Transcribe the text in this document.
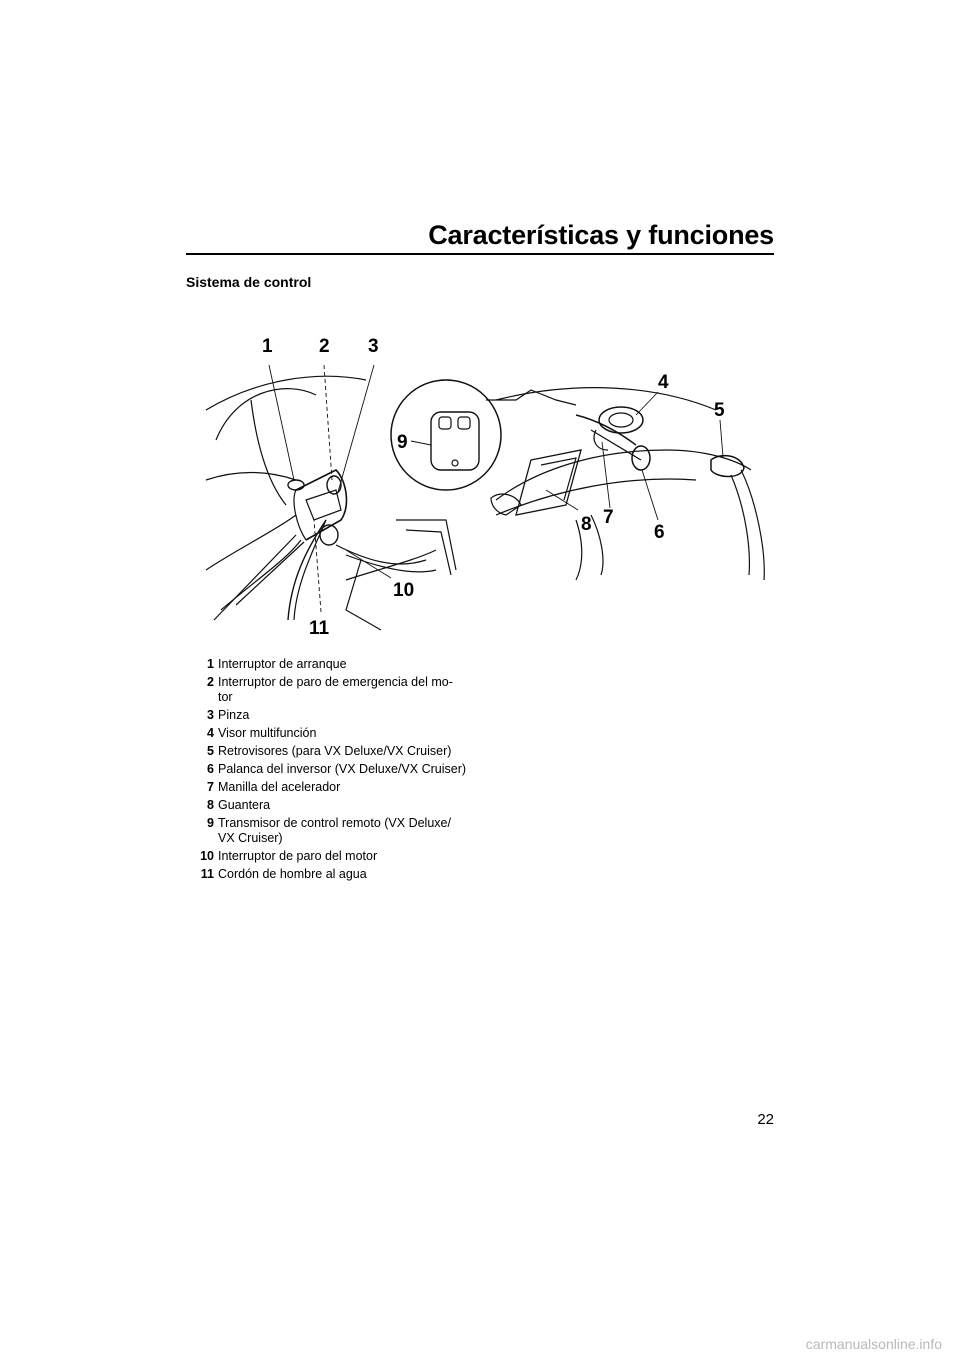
Características y funciones
Sistema de control
1 2 3
4
5
6
7
8
9
10
11
1 Interruptor de arranque
2 Interruptor de paro de emergencia del mo-
tor
3 Pinza
4 Visor multifunción
5 Retrovisores (para VX Deluxe/VX Cruiser)
6 Palanca del inversor (VX Deluxe/VX Cruiser)
7 Manilla del acelerador
8 Guantera
9 Transmisor de control remoto (VX Deluxe/
VX Cruiser)
10 Interruptor de paro del motor
11 Cordón de hombre al agua
22
carmanualsonline.info
